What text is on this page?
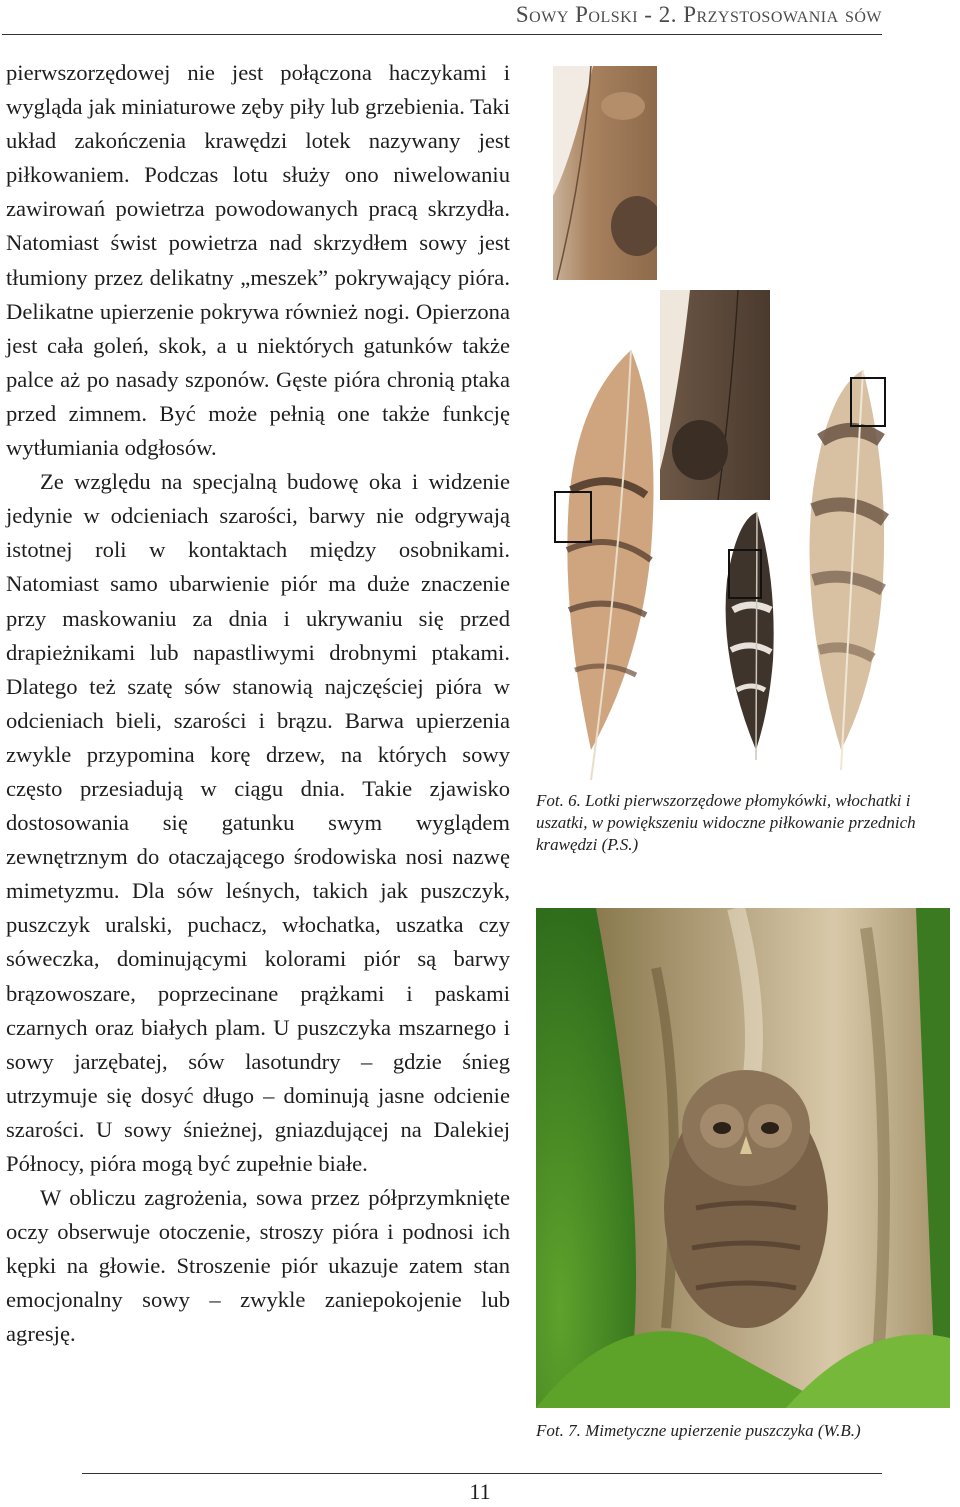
Sowy Polski - 2. Przystosowania sów

pierwszorzędowej nie jest połączona haczykami i wygląda jak miniaturowe zęby piły lub grzebienia. Taki układ zakończenia krawędzi lotek nazywany jest piłkowaniem. Podczas lotu służy ono niwelowaniu zawirowań powietrza powodowanych pracą skrzydła. Natomiast świst powietrza nad skrzydłem sowy jest tłumiony przez delikatny „meszek” pokrywający pióra. Delikatne upierzenie pokrywa również nogi. Opierzona jest cała goleń, skok, a u niektórych gatunków także palce aż po nasady szponów. Gęste pióra chronią ptaka przed zimnem. Być może pełnią one także funkcję wytłumiania odgłosów.

Ze względu na specjalną budowę oka i widzenie jedynie w odcieniach szarości, barwy nie odgrywają istotnej roli w kontaktach między osobnikami. Natomiast samo ubarwienie piór ma duże znaczenie przy maskowaniu za dnia i ukrywaniu się przed drapieżnikami lub napastliwymi drobnymi ptakami. Dlatego też szatę sów stanowią najczęściej pióra w odcieniach bieli, szarości i brązu. Barwa upierzenia zwykle przypomina korę drzew, na których sowy często przesiadują w ciągu dnia. Takie zjawisko dostosowania się gatunku swym wyglądem zewnętrznym do otaczającego środowiska nosi nazwę mimetyzmu. Dla sów leśnych, takich jak puszczyk, puszczyk uralski, puchacz, włochatka, uszatka czy sóweczka, dominującymi kolorami piór są barwy brązowoszare, poprzecinane prążkami i paskami czarnych oraz białych plam. U puszczyka mszarnego i sowy jarzębatej, sów lasotundry – gdzie śnieg utrzymuje się dosyć długo – dominują jasne odcienie szarości. U sowy śnieżnej, gniazdującej na Dalekiej Północy, pióra mogą być zupełnie białe.

W obliczu zagrożenia, sowa przez półprzymknięte oczy obserwuje otoczenie, stroszy pióra i podnosi ich kępki na głowie. Stroszenie piór ukazuje zatem stan emocjonalny sowy – zwykle zaniepokojenie lub agresję.

Fot. 6. Lotki pierwszorzędowe płomykówki, włochatki i uszatki, w powiększeniu widoczne piłkowanie przednich krawędzi (P.S.)
Fot. 7. Mimetyczne upierzenie puszczyka (W.B.)
11
